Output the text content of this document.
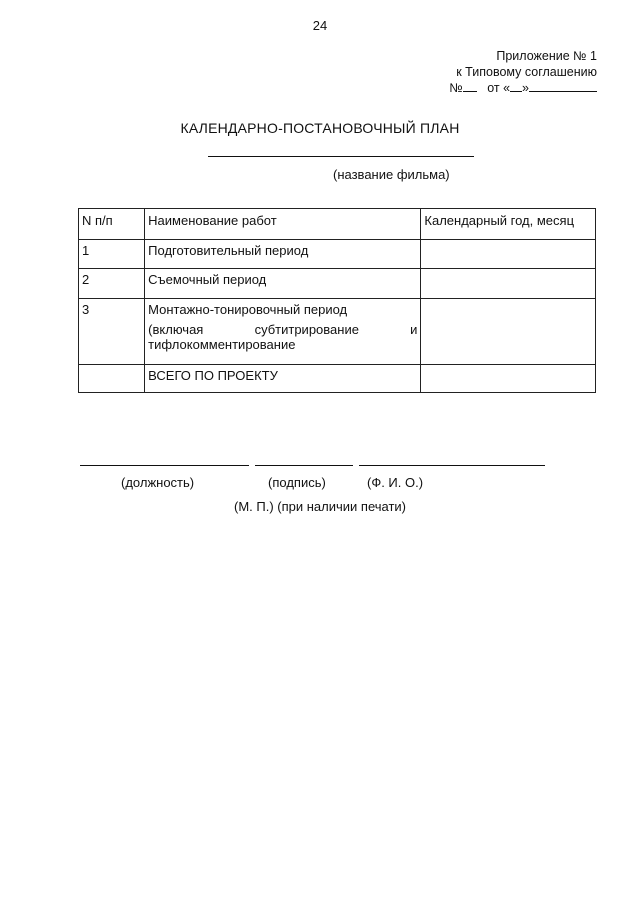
24
Приложение № 1
к Типовому соглашению
№ от « »
КАЛЕНДАРНО-ПОСТАНОВОЧНЫЙ ПЛАН
(название фильма)
N п/п	Наименование работ	Календарный год, месяц
1	Подготовительный период	
2	Съемочный период	
3	Монтажно-тонировочный период
(включая субтитрирование и
тифлокомментирование	

	ВСЕГО ПО ПРОЕКТУ	
(должность)	(подпись)	(Ф. И. О.)
(М. П.) (при наличии печати)
